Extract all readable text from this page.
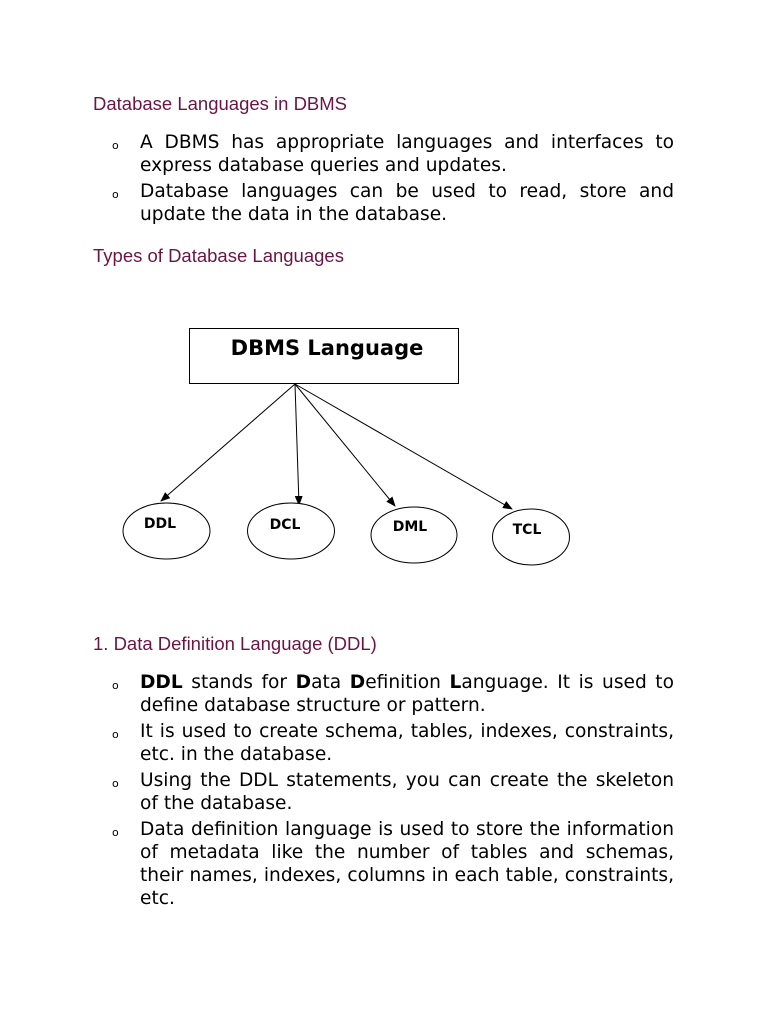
Database Languages in DBMS
o A DBMS has appropriate languages and interfaces to express database queries and updates.
o Database languages can be used to read, store and update the data in the database.
Types of Database Languages
DBMS Language
DDL	DCL	DML	TCL
1. Data Definition Language (DDL)
o DDL stands for Data Definition Language. It is used to define database structure or pattern.
o It is used to create schema, tables, indexes, constraints, etc. in the database.
o Using the DDL statements, you can create the skeleton of the database.
o Data definition language is used to store the information of metadata like the number of tables and schemas, their names, indexes, columns in each table, constraints, etc.
